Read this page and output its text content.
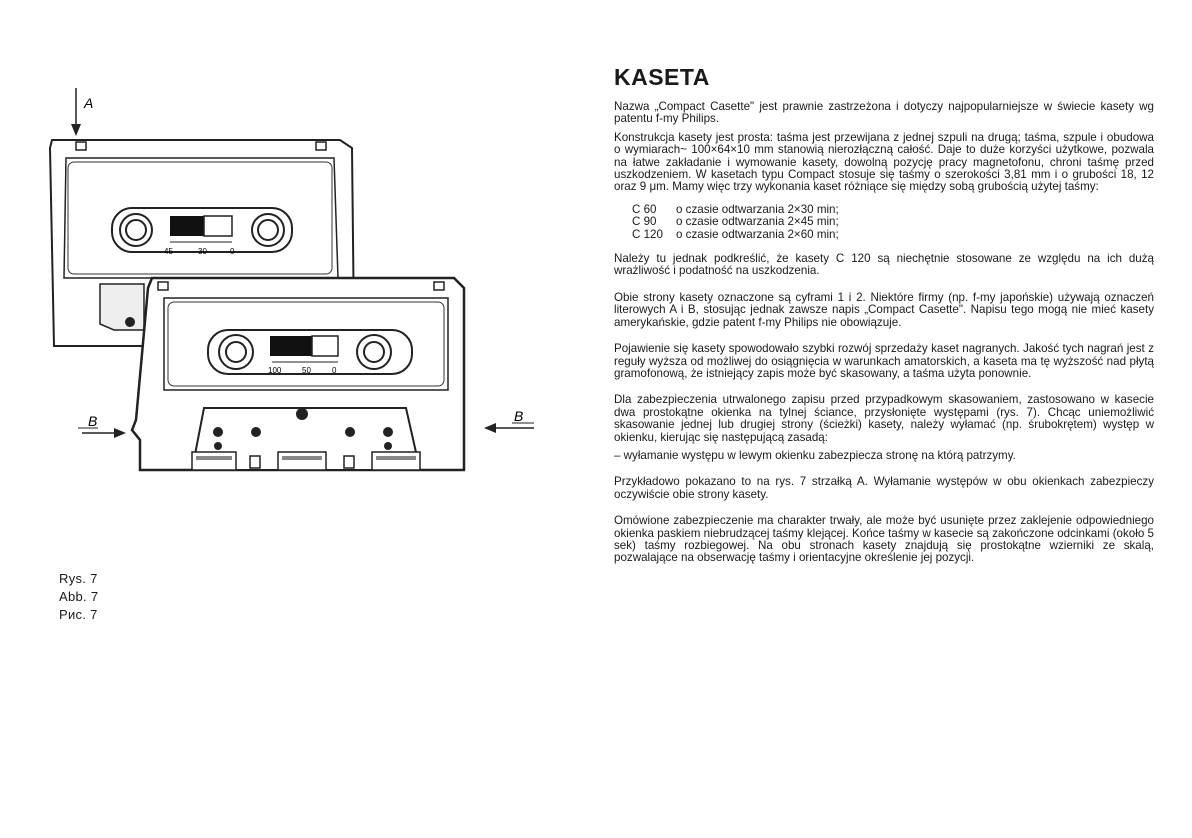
A
45	30	0
100	50	0
B	B
Rys. 7
Abb. 7
Рис. 7
KASETA

Nazwa „Compact Casette" jest prawnie zastrzeżona i dotyczy najpopularniejsze w świecie kasety wg patentu f-my Philips.

Konstrukcja kasety jest prosta: taśma jest przewijana z jednej szpuli na drugą; taśma, szpule i obudowa o wymiarach~ 100×64×10 mm stanowią nierozłączną całość. Daje to duże korzyści użytkowe, pozwala na łatwe zakładanie i wymowanie kasety, dowolną pozycję pracy magnetofonu, chroni taśmę przed uszkodzeniem. W kasetach typu Compact stosuje się taśmy o szerokości 3,81 mm i o grubości 18, 12 oraz 9 μm. Mamy więc trzy wykonania kaset różniące się między sobą grubością użytej taśmy:

C 60	o czasie odtwarzania 2×30 min;
C 90	o czasie odtwarzania 2×45 min;
C 120	o czasie odtwarzania 2×60 min;

Należy tu jednak podkreślić, że kasety C 120 są niechętnie stosowane ze względu na ich dużą wrażliwość i podatność na uszkodzenia.

Obie strony kasety oznaczone są cyframi 1 i 2. Niektóre firmy (np. f-my japońskie) używają oznaczeń literowych A i B, stosując jednak zawsze napis „Compact Casette". Napisu tego mogą nie mieć kasety amerykańskie, gdzie patent f-my Philips nie obowiązuje.

Pojawienie się kasety spowodowało szybki rozwój sprzedaży kaset nagranych. Jakość tych nagrań jest z reguły wyższa od możliwej do osiągnięcia w warunkach amatorskich, a kaseta ma tę wyższość nad płytą gramofonową, że istniejący zapis może być skasowany, a taśma użyta ponownie.

Dla zabezpieczenia utrwalonego zapisu przed przypadkowym skasowaniem, zastosowano w kasecie dwa prostokątne okienka na tylnej ściance, przysłonięte występami (rys. 7). Chcąc uniemożliwić skasowanie jednej lub drugiej strony (ścieżki) kasety, należy wyłamać (np. śrubokrętem) występ w okienku, kierując się następującą zasadą:

– wyłamanie występu w lewym okienku zabezpiecza stronę na którą patrzymy.

Przykładowo pokazano to na rys. 7 strzałką A. Wyłamanie występów w obu okienkach zabezpieczy oczywiście obie strony kasety.

Omówione zabezpieczenie ma charakter trwały, ale może być usunięte przez zaklejenie odpowiedniego okienka paskiem niebrudzącej taśmy klejącej. Końce taśmy w kasecie są zakończone odcinkami (około 5 sek) taśmy rozbiegowej. Na obu stronach kasety znajdują się prostokątne wzierniki ze skalą, pozwalające na obserwację taśmy i orientacyjne określenie jej pozycji.
